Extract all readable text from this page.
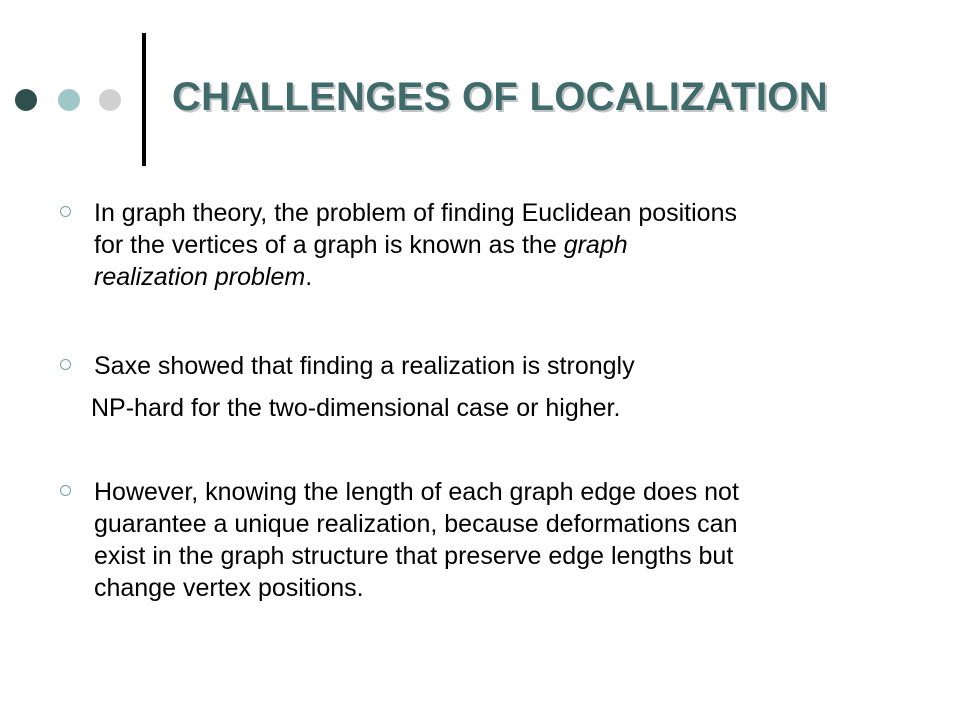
CHALLENGES OF LOCALIZATION
In graph theory, the problem of finding Euclidean positions
for the vertices of a graph is known as the graph
realization problem.
Saxe showed that finding a realization is strongly
NP-hard for the two-dimensional case or higher.
However, knowing the length of each graph edge does not
guarantee a unique realization, because deformations can
exist in the graph structure that preserve edge lengths but
change vertex positions.
